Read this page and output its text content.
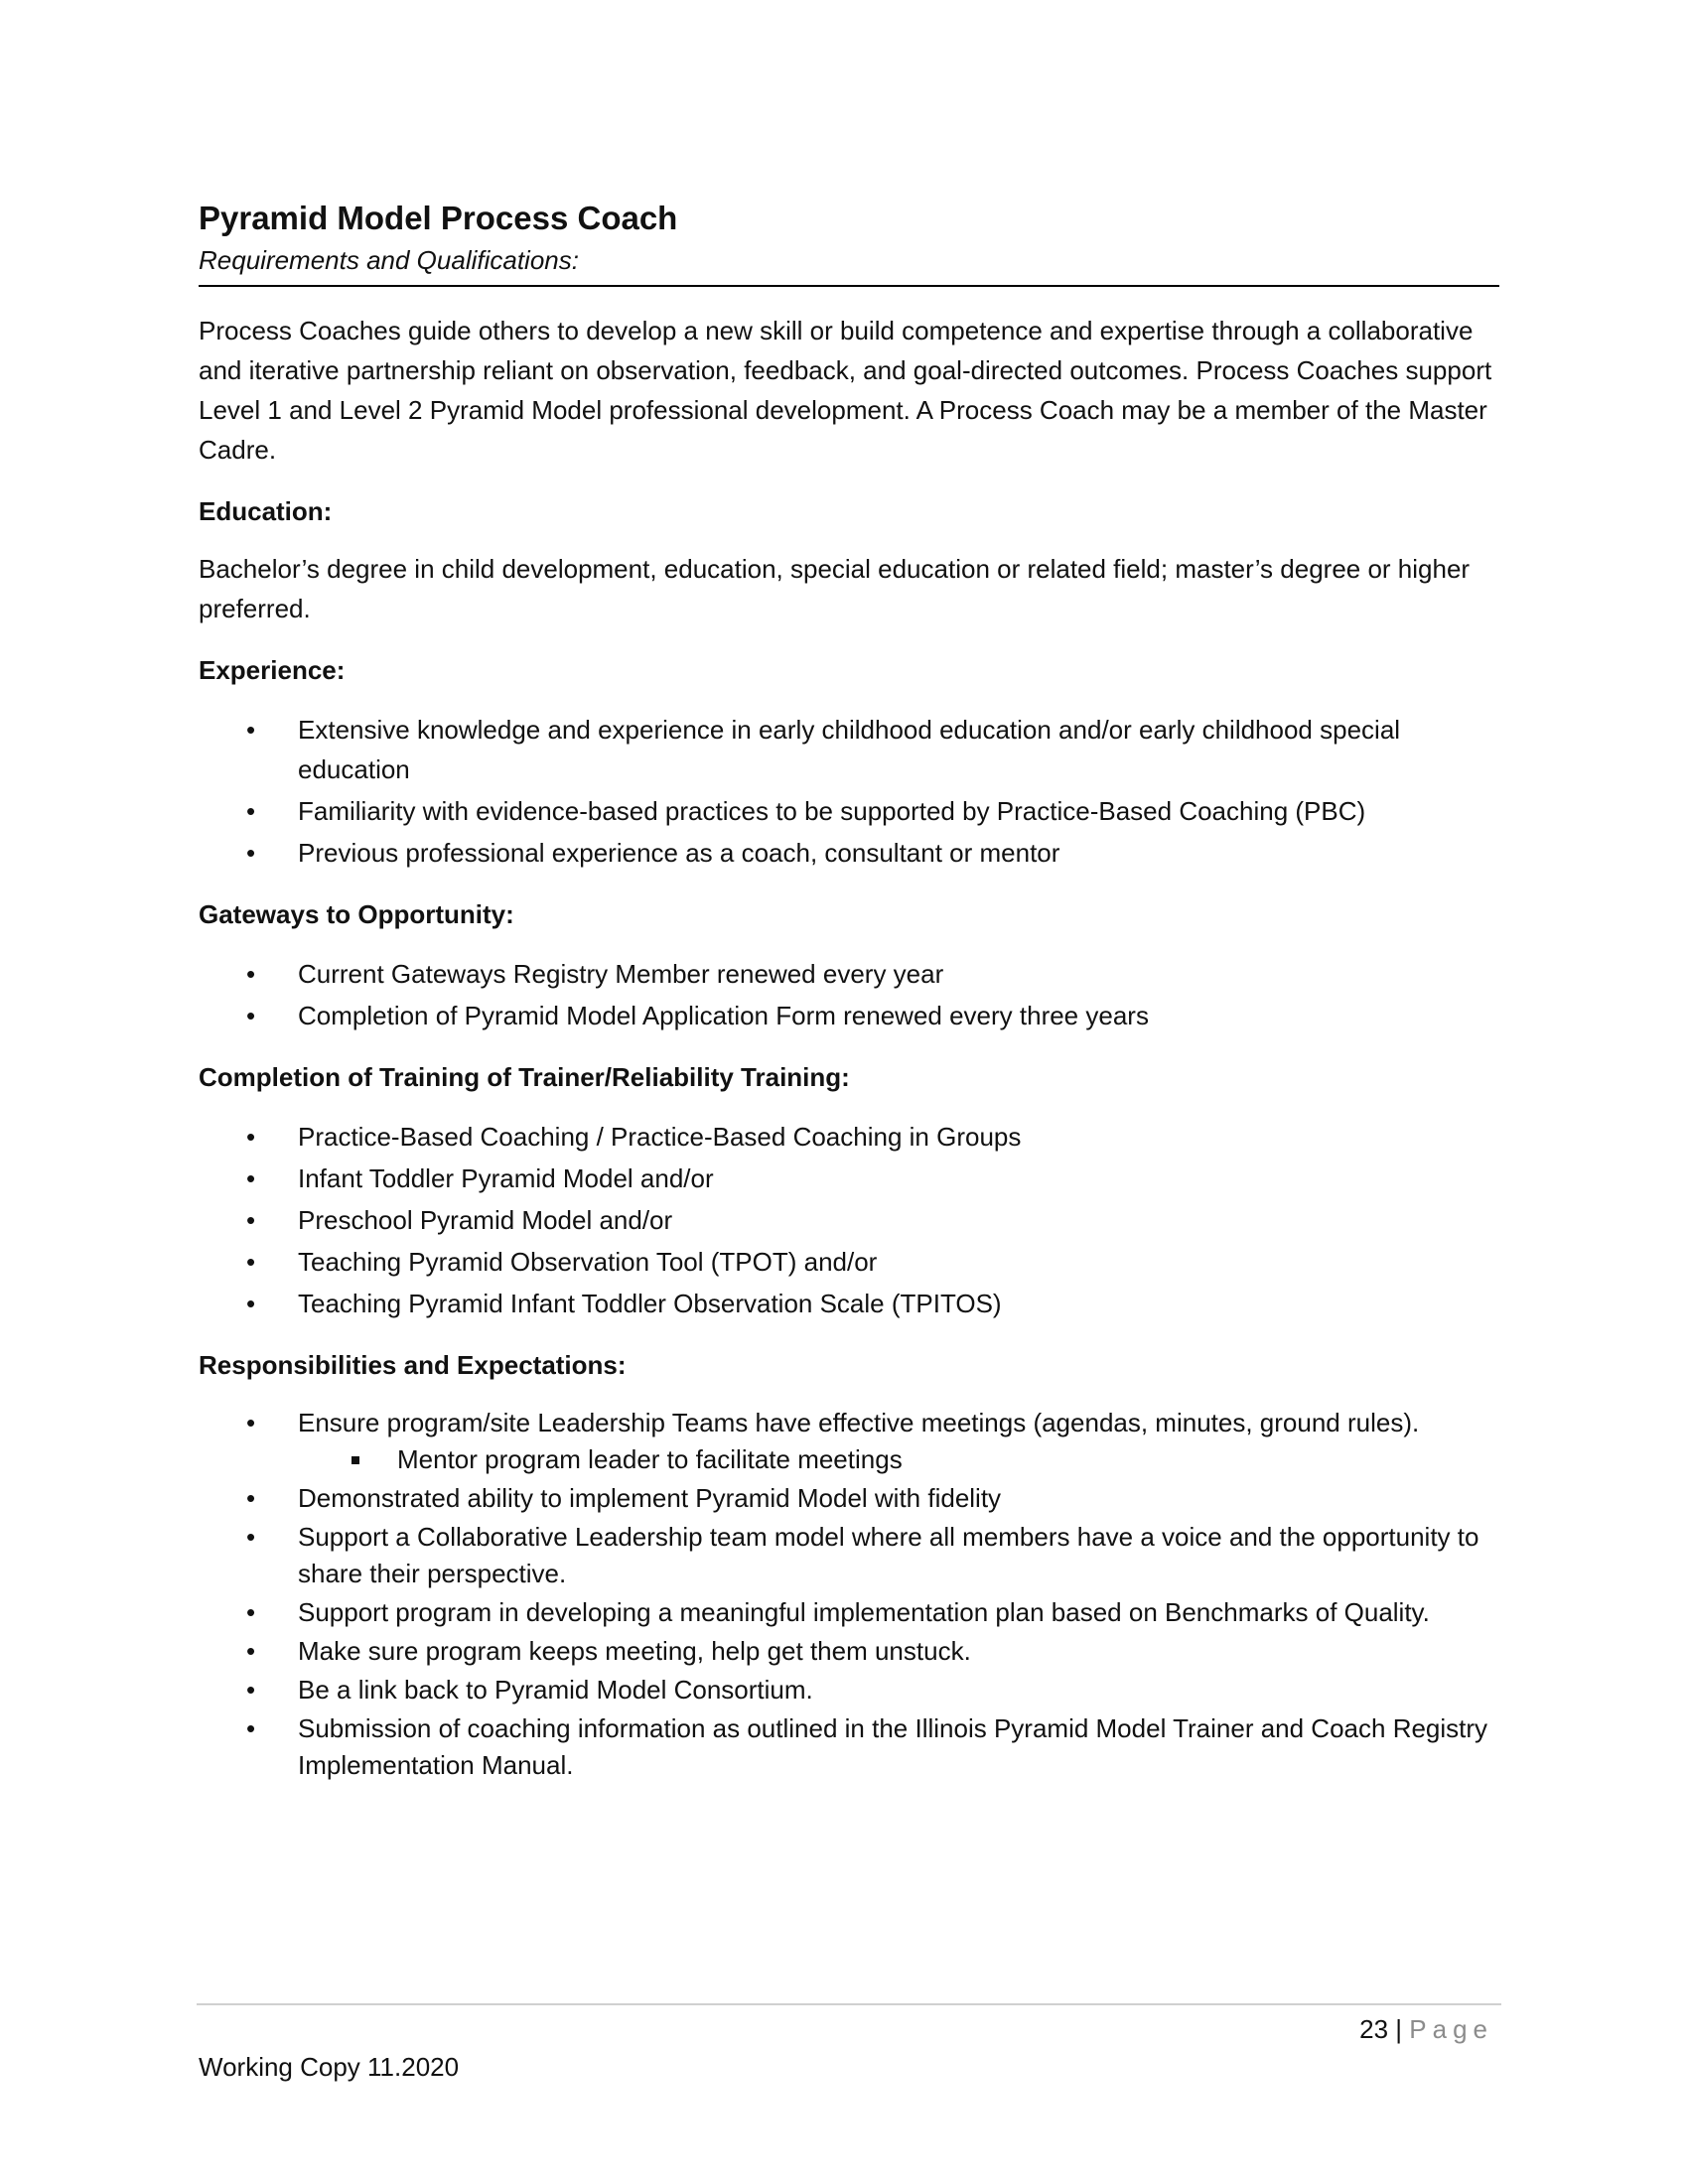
Pyramid Model Process Coach

Requirements and Qualifications:

Process Coaches guide others to develop a new skill or build competence and expertise through a collaborative and iterative partnership reliant on observation, feedback, and goal-directed outcomes. Process Coaches support Level 1 and Level 2 Pyramid Model professional development. A Process Coach may be a member of the Master Cadre.

Education:

Bachelor’s degree in child development, education, special education or related field; master’s degree or higher preferred.

Experience:
• Extensive knowledge and experience in early childhood education and/or early childhood special education
• Familiarity with evidence-based practices to be supported by Practice-Based Coaching (PBC)
• Previous professional experience as a coach, consultant or mentor
Gateways to Opportunity:
• Current Gateways Registry Member renewed every year
• Completion of Pyramid Model Application Form renewed every three years
Completion of Training of Trainer/Reliability Training:
• Practice-Based Coaching / Practice-Based Coaching in Groups
• Infant Toddler Pyramid Model and/or
• Preschool Pyramid Model and/or
• Teaching Pyramid Observation Tool (TPOT) and/or
• Teaching Pyramid Infant Toddler Observation Scale (TPITOS)
Responsibilities and Expectations:
• Ensure program/site Leadership Teams have effective meetings (agendas, minutes, ground rules).
Mentor program leader to facilitate meetings
• Demonstrated ability to implement Pyramid Model with fidelity
• Support a Collaborative Leadership team model where all members have a voice and the opportunity to share their perspective.
• Support program in developing a meaningful implementation plan based on Benchmarks of Quality.
• Make sure program keeps meeting, help get them unstuck.
• Be a link back to Pyramid Model Consortium.
• Submission of coaching information as outlined in the Illinois Pyramid Model Trainer and Coach Registry Implementation Manual.
23 | Page
Working Copy 11.2020
